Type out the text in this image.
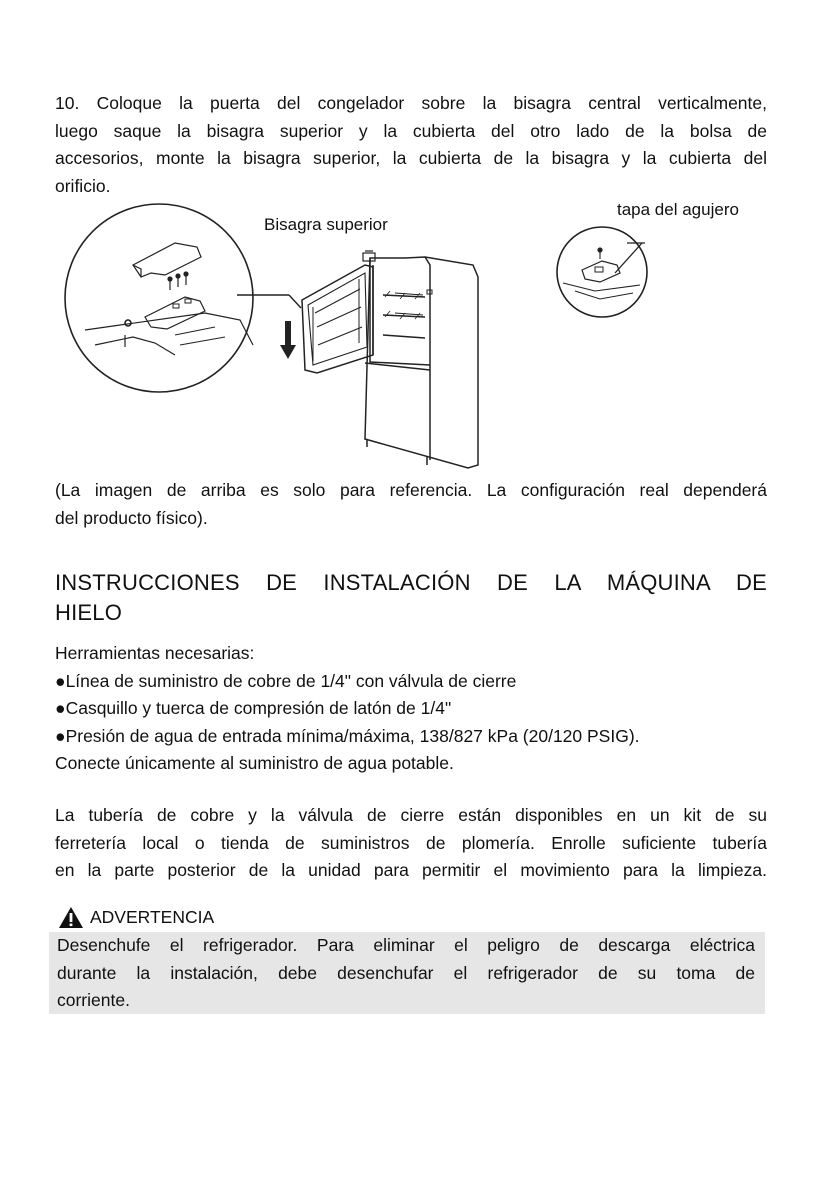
10. Coloque la puerta del congelador sobre la bisagra central verticalmente,
luego saque la bisagra superior y la cubierta del otro lado de la bolsa de
accesorios, monte la bisagra superior, la cubierta de la bisagra y la cubierta del
orificio.
Bisagra superior
tapa del agujero
(La imagen de arriba es solo para referencia. La configuración real dependerá
del producto físico).
INSTRUCCIONES DE INSTALACIÓN DE LA MÁQUINA DE
HIELO
Herramientas necesarias:
●Línea de suministro de cobre de 1/4" con válvula de cierre
●Casquillo y tuerca de compresión de latón de 1/4"
●Presión de agua de entrada mínima/máxima, 138/827 kPa (20/120 PSIG).
Conecte únicamente al suministro de agua potable.
La tubería de cobre y la válvula de cierre están disponibles en un kit de su
ferretería local o tienda de suministros de plomería. Enrolle suficiente tubería
en la parte posterior de la unidad para permitir el movimiento para la limpieza.
ADVERTENCIA
Desenchufe el refrigerador. Para eliminar el peligro de descarga eléctrica
durante la instalación, debe desenchufar el refrigerador de su toma de
corriente.
